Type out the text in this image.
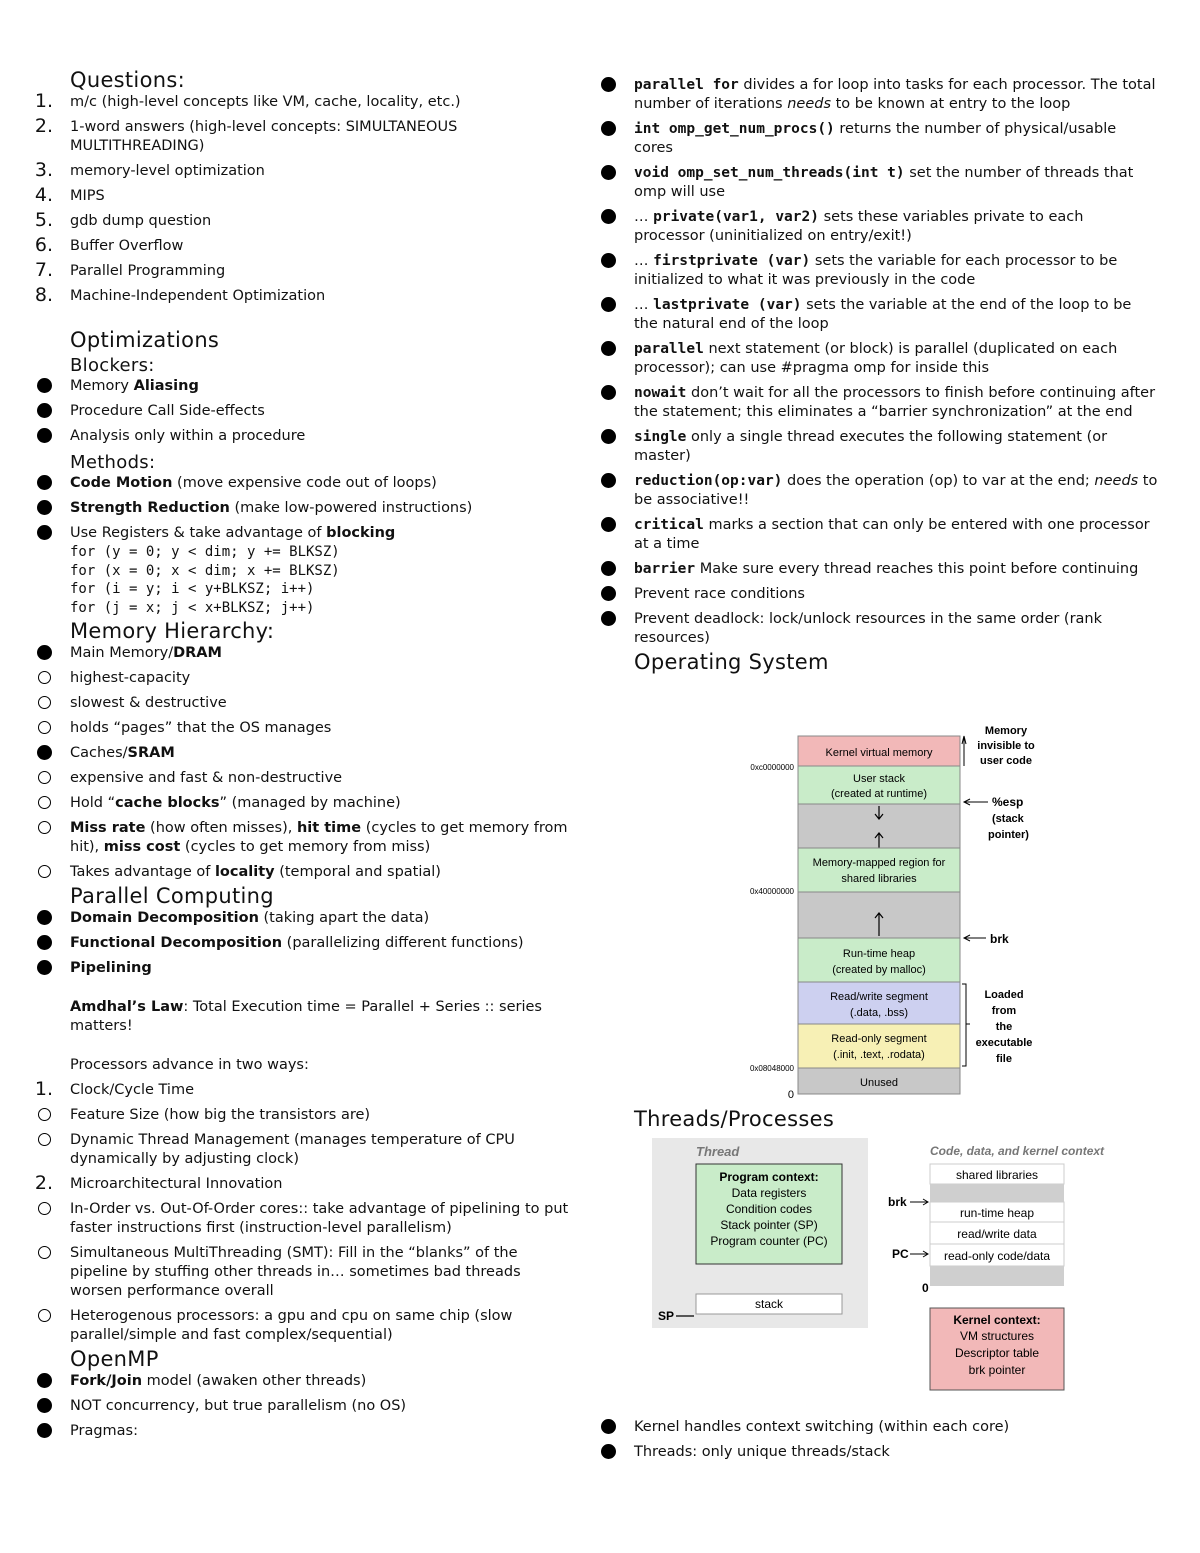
Questions:
1. m/c (high-level concepts like VM, cache, locality, etc.)
2. 1-word answers (high-level concepts: SIMULTANEOUS MULTITHREADING)
3. memory-level optimization
4. MIPS
5. gdb dump question
6. Buffer Overflow
7. Parallel Programming
8. Machine-Independent Optimization
Optimizations
Blockers:
Memory Aliasing
Procedure Call Side-effects
Analysis only within a procedure
Methods:
Code Motion (move expensive code out of loops)
Strength Reduction (make low-powered instructions)
Use Registers & take advantage of blocking
for (y = 0; y < dim; y += BLKSZ)
for (x = 0; x < dim; x += BLKSZ)
for (i = y; i < y+BLKSZ; i++)
for (j = x; j < x+BLKSZ; j++)
Memory Hierarchy:
Main Memory/DRAM
highest-capacity
slowest & destructive
holds “pages” that the OS manages
Caches/SRAM
expensive and fast & non-destructive
Hold “cache blocks” (managed by machine)
Miss rate (how often misses), hit time (cycles to get memory from hit), miss cost (cycles to get memory from miss)
Takes advantage of locality (temporal and spatial)
Parallel Computing
Domain Decomposition (taking apart the data)
Functional Decomposition (parallelizing different functions)
Pipelining
Amdhal’s Law: Total Execution time = Parallel + Series :: series matters!
Processors advance in two ways:
1. Clock/Cycle Time
Feature Size (how big the transistors are)
Dynamic Thread Management (manages temperature of CPU dynamically by adjusting clock)
2. Microarchitectural Innovation
In-Order vs. Out-Of-Order cores:: take advantage of pipelining to put faster instructions first (instruction-level parallelism)
Simultaneous MultiThreading (SMT): Fill in the “blanks” of the pipeline by stuffing other threads in… sometimes bad threads worsen performance overall
Heterogenous processors: a gpu and cpu on same chip (slow parallel/simple and fast complex/sequential)
OpenMP
Fork/Join model (awaken other threads)
NOT concurrency, but true parallelism (no OS)
Pragmas:
parallel for divides a for loop into tasks for each processor. The total number of iterations needs to be known at entry to the loop
int omp_get_num_procs() returns the number of physical/usable cores
void omp_set_num_threads(int t) set the number of threads that omp will use
… private(var1, var2) sets these variables private to each processor (uninitialized on entry/exit!)
… firstprivate (var) sets the variable for each processor to be initialized to what it was previously in the code
… lastprivate (var) sets the variable at the end of the loop to be the natural end of the loop
parallel next statement (or block) is parallel (duplicated on each processor); can use #pragma omp for inside this
nowait don’t wait for all the processors to finish before continuing after the statement; this eliminates a “barrier synchronization” at the end
single only a single thread executes the following statement (or master)
reduction(op:var) does the operation (op) to var at the end; needs to be associative!!
critical marks a section that can only be entered with one processor at a time
barrier Make sure every thread reaches this point before continuing
Prevent race conditions
Prevent deadlock: lock/unlock resources in the same order (rank resources)
Operating System
Kernel virtual memory
User stack
(created at runtime)
Memory-mapped region for
shared libraries
Run-time heap
(created by malloc)
Read/write segment
(.data, .bss)
Read-only segment
(.init, .text, .rodata)
Unused
0xc0000000
0x40000000
0x08048000
0
Memory
invisible to
user code
%esp
(stack
pointer)
brk
Loaded
from
the
executable
file
Threads/Processes
Thread
Program context:
Data registers
Condition codes
Stack pointer (SP)
Program counter (PC)
stack
SP
Code, data, and kernel context
shared libraries
run-time heap
read/write data
read-only code/data
brk
PC
0
Kernel context:
VM structures
Descriptor table
brk pointer
Kernel handles context switching (within each core)
Threads: only unique threads/stack
